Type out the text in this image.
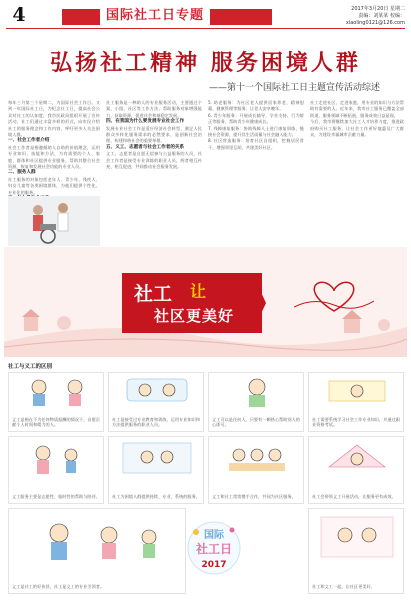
4	国际社工日专题	2017年3月20日 星期二
责编：刘某某 校编：
xiaoling0121@126.com
弘扬社工精神 服务困境人群
——第十一个国际社工日主题宣传活动综述

每年三月第三个星期二，为国际社会工作日。又到一年国际社工日，为纪念社工日，提高社会公众对社工的认知度，我市民政局组织开展了宣传活动，社工们通过丰富多样的形式，向市民介绍社工的服务理念和工作内容，呼吁更多人关注困境人群。

一、社会工作者介绍

社会工作者是指遵循助人自助的价值理念，运用专业知识、技能和方法，为有需要的个人、家庭、群体和社区提供专业服务，帮助其整合社会资源，恢复和发展社会功能的专业人员。

二、服务人群

社工服务的对象包括老年人、青少年、残疾人、妇女儿童等各类困境群体，为他们提供个性化、专业化的服务。

社工服务是一种助人的专业服务活动，主要通过个案、小组、社区等工作方法，帮助服务对象增强能力、获取资源，促进社会和谐稳定发展。

四、在我国为什么要发展专业社会工作

发展专业社会工作是适应经济社会转型、满足人民群众多样化服务需求的必然要求，是创新社会治理、构建和谐社会的重要举措。

五、义工、志愿者与社会工作者的关系

义工、志愿者是自愿无偿参与公益服务的人员，社会工作者是接受专业训练的职业人员，两者相互补充、相互促进，共同推动社会服务发展。

5. 助老服务：为社区老人提供居家养老、精神慰藉、健康管理等服务，让老人安享晚年。

6. 青少年服务：开展成长辅导、学业支持、行为矫正等服务，帮助青少年健康成长。

7. 残障康复服务：协助残障人士进行康复训练，链接社会资源，提升其生活质量与社会融入能力。

8. 社区营造服务：培育社区自组织，挖掘居民骨干，增强邻里互助，共建美好社区。

社工走进社区、走进家庭，用专业的知识与方法帮助有需要的人。近年来，我市社工服务已覆盖全部街道，服务领域不断拓展，服务成效日益显现。

今后，我市将继续加大社工人才培养力度，推进政府购买社工服务，让社会工作更好地惠及广大群众，为建设幸福城市贡献力量。

社工 让
社区更美好
社工与义工的区别
义工是指在不为任何物质报酬的情况下，自愿贡献个人时间和精力的人。
社工是接受过专业教育和训练，运用专业知识和方法提供服务的职业人员。
义工可以是任何人，只要有一颗热心帮助别人的心即可。
社工需要系统学习社会工作专业知识，并通过职业资格考试。
义工服务主要是志愿性、临时性的帮助与陪伴。	社工为困境人群提供持续、专业、系统的服务。	义工和社工常常携手合作，共同为社区服务。	社工会带领义工开展活动，让服务更有成效。
义工是社工的好伙伴，社工是义工的专业引领者。	社工和义工一起，让社区更美好。
国际
社工日
2017
